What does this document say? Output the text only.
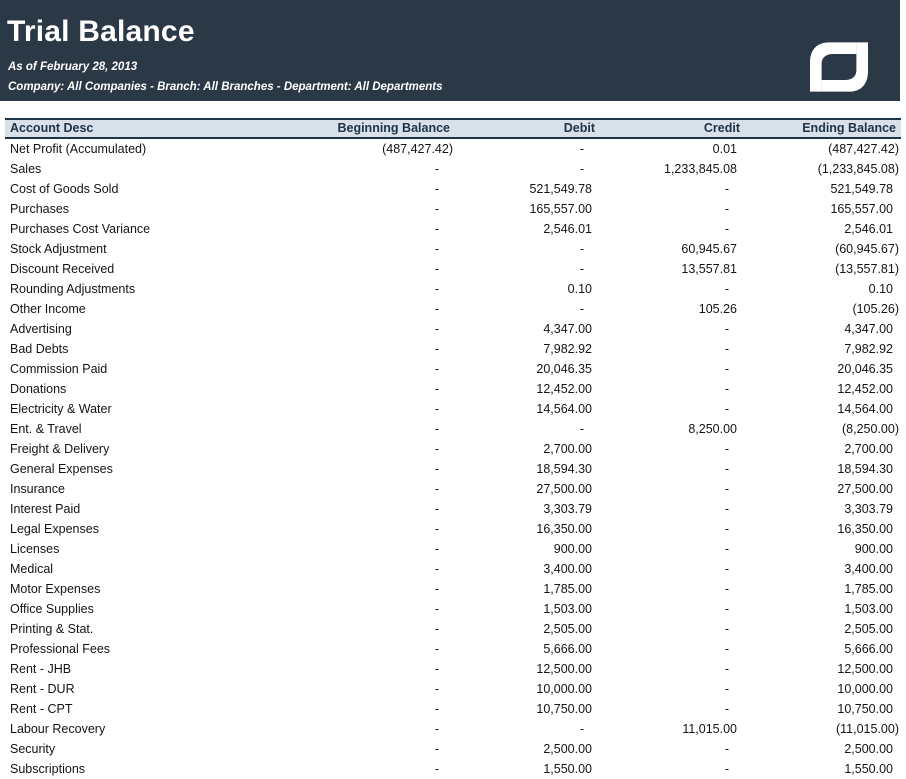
Trial Balance
As of February 28, 2013
Company: All Companies - Branch: All Branches - Department: All Departments
Account Desc	Beginning Balance	Debit	Credit	Ending Balance
Net Profit (Accumulated)	(487,427.42)	-	0.01	(487,427.42)
Sales	-	-	1,233,845.08	(1,233,845.08)
Cost of Goods Sold	-	521,549.78	-	521,549.78
Purchases	-	165,557.00	-	165,557.00
Purchases Cost Variance	-	2,546.01	-	2,546.01
Stock Adjustment	-	-	60,945.67	(60,945.67)
Discount Received	-	-	13,557.81	(13,557.81)
Rounding Adjustments	-	0.10	-	0.10
Other Income	-	-	105.26	(105.26)
Advertising	-	4,347.00	-	4,347.00
Bad Debts	-	7,982.92	-	7,982.92
Commission Paid	-	20,046.35	-	20,046.35
Donations	-	12,452.00	-	12,452.00
Electricity & Water	-	14,564.00	-	14,564.00
Ent. & Travel	-	-	8,250.00	(8,250.00)
Freight & Delivery	-	2,700.00	-	2,700.00
General Expenses	-	18,594.30	-	18,594.30
Insurance	-	27,500.00	-	27,500.00
Interest Paid	-	3,303.79	-	3,303.79
Legal Expenses	-	16,350.00	-	16,350.00
Licenses	-	900.00	-	900.00
Medical	-	3,400.00	-	3,400.00
Motor Expenses	-	1,785.00	-	1,785.00
Office Supplies	-	1,503.00	-	1,503.00
Printing & Stat.	-	2,505.00	-	2,505.00
Professional Fees	-	5,666.00	-	5,666.00
Rent - JHB	-	12,500.00	-	12,500.00
Rent - DUR	-	10,000.00	-	10,000.00
Rent - CPT	-	10,750.00	-	10,750.00
Labour Recovery	-	-	11,015.00	(11,015.00)
Security	-	2,500.00	-	2,500.00
Subscriptions	-	1,550.00	-	1,550.00
